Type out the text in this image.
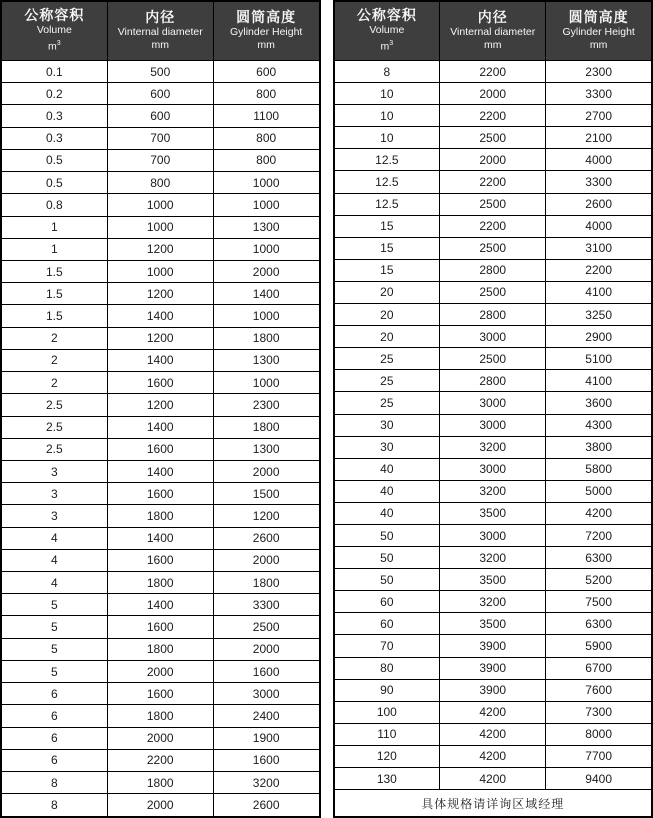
公称容积
Volume
$m^3$

内径
Vinternal diameter
mm

圆筒高度
Gylinder Height
mm

0.1	500	600
0.2	600	800
0.3	600	1100
0.3	700	800
0.5	700	800
0.5	800	1000
0.8	1000	1000
1	1000	1300
1	1200	1000
1.5	1000	2000
1.5	1200	1400
1.5	1400	1000
2	1200	1800
2	1400	1300
2	1600	1000
2.5	1200	2300
2.5	1400	1800
2.5	1600	1300
3	1400	2000
3	1600	1500
3	1800	1200
4	1400	2600
4	1600	2000
4	1800	1800
5	1400	3300
5	1600	2500
5	1800	2000
5	2000	1600
6	1600	3000
6	1800	2400
6	2000	1900
6	2200	1600
8	1800	3200
8	2000	2600
公称容积
Volume
$m^3$

内径
Vinternal diameter
mm

圆筒高度
Gylinder Height
mm

8	2200	2300
10	2000	3300
10	2200	2700
10	2500	2100
12.5	2000	4000
12.5	2200	3300
12.5	2500	2600
15	2200	4000
15	2500	3100
15	2800	2200
20	2500	4100
20	2800	3250
20	3000	2900
25	2500	5100
25	2800	4100
25	3000	3600
30	3000	4300
30	3200	3800
40	3000	5800
40	3200	5000
40	3500	4200
50	3000	7200
50	3200	6300
50	3500	5200
60	3200	7500
60	3500	6300
70	3900	5900
80	3900	6700
90	3900	7600
100	4200	7300
110	4200	8000
120	4200	7700
130	4200	9400
具体规格请详询区域经理		
